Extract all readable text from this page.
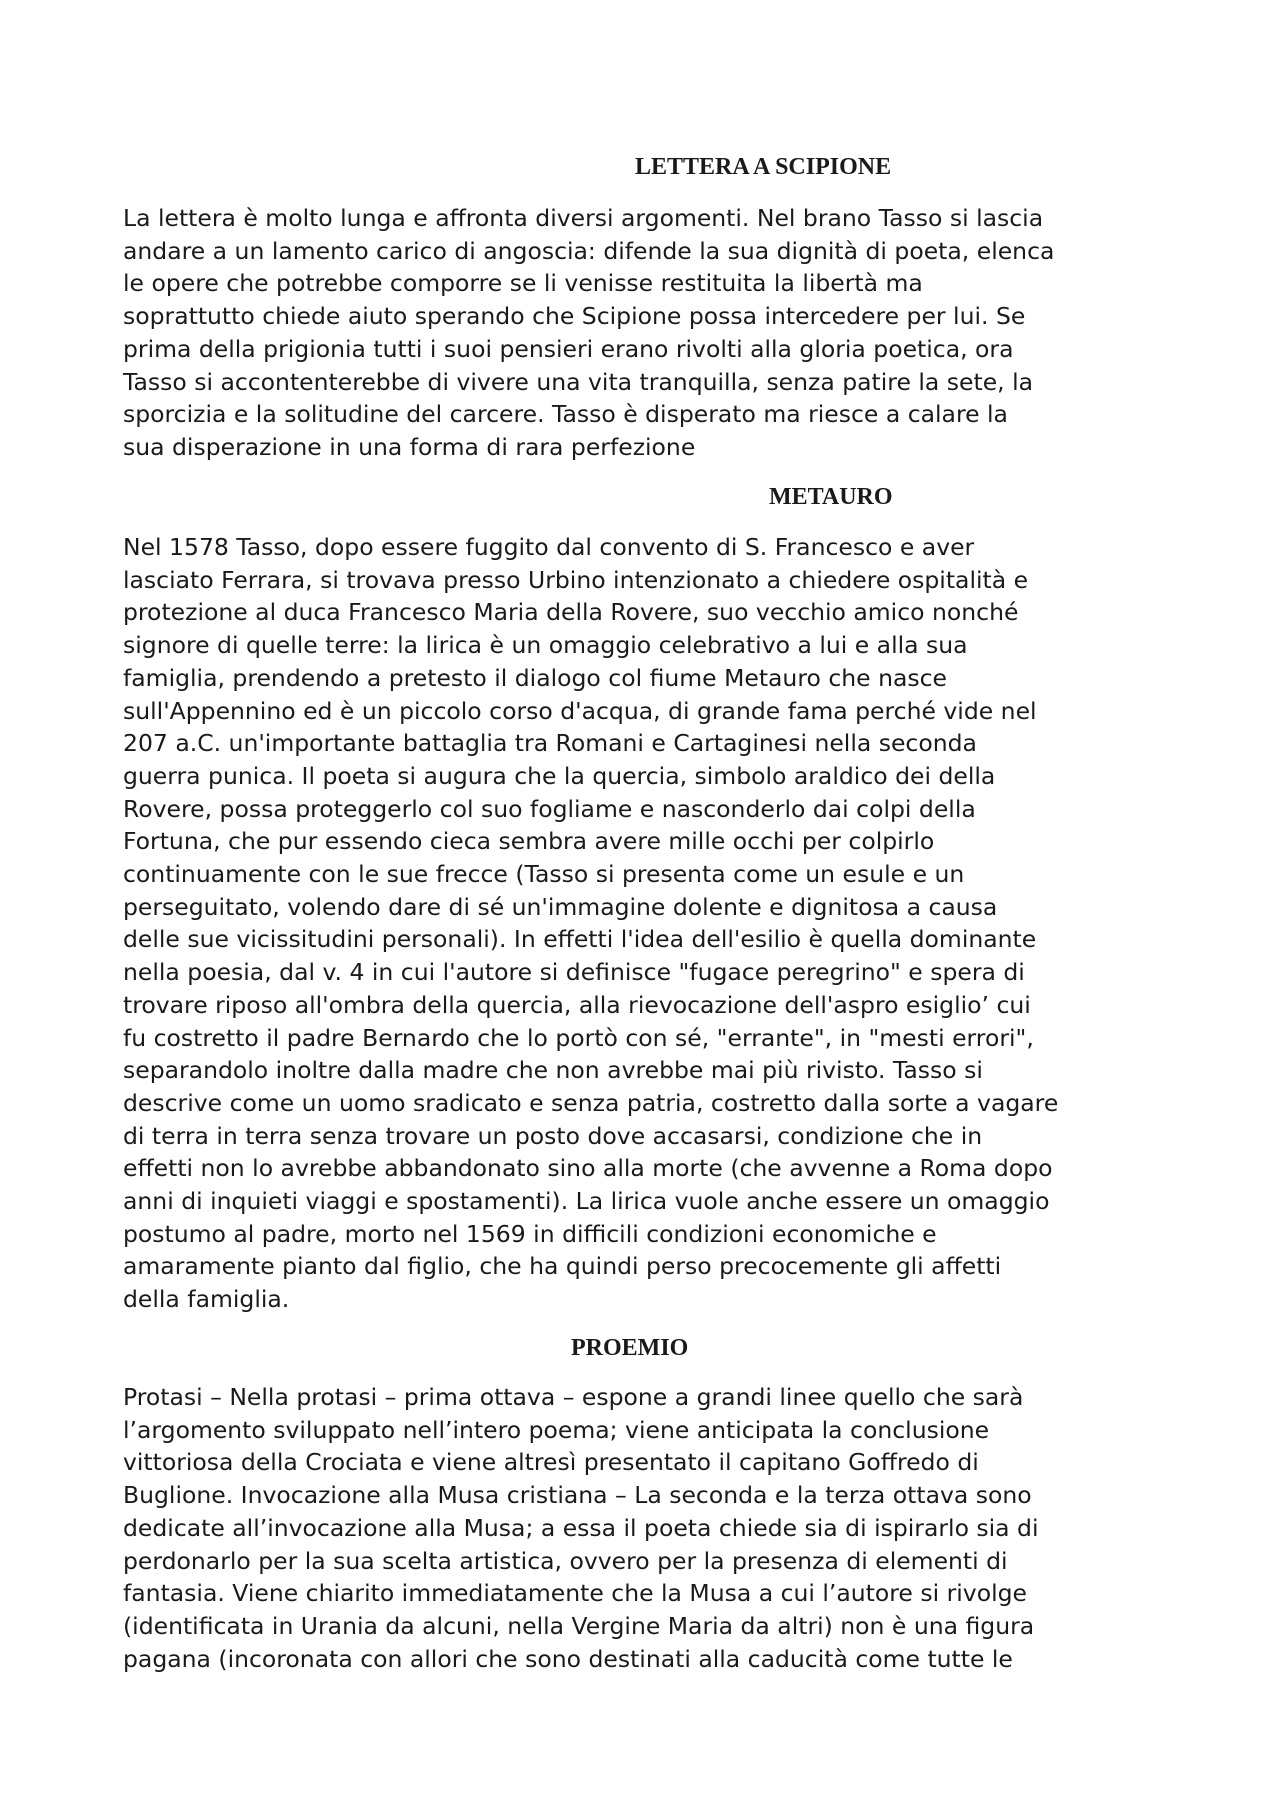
LETTERA A SCIPIONE
La lettera è molto lunga e affronta diversi argomenti. Nel brano Tasso si lascia
andare a un lamento carico di angoscia: difende la sua dignità di poeta, elenca
le opere che potrebbe comporre se li venisse restituita la libertà ma
soprattutto chiede aiuto sperando che Scipione possa intercedere per lui. Se
prima della prigionia tutti i suoi pensieri erano rivolti alla gloria poetica, ora
Tasso si accontenterebbe di vivere una vita tranquilla, senza patire la sete, la
sporcizia e la solitudine del carcere. Tasso è disperato ma riesce a calare la
sua disperazione in una forma di rara perfezione
METAURO
Nel 1578 Tasso, dopo essere fuggito dal convento di S. Francesco e aver
lasciato Ferrara, si trovava presso Urbino intenzionato a chiedere ospitalità e
protezione al duca Francesco Maria della Rovere, suo vecchio amico nonché
signore di quelle terre: la lirica è un omaggio celebrativo a lui e alla sua
famiglia, prendendo a pretesto il dialogo col fiume Metauro che nasce
sull'Appennino ed è un piccolo corso d'acqua, di grande fama perché vide nel
207 a.C. un'importante battaglia tra Romani e Cartaginesi nella seconda
guerra punica. Il poeta si augura che la quercia, simbolo araldico dei della
Rovere, possa proteggerlo col suo fogliame e nasconderlo dai colpi della
Fortuna, che pur essendo cieca sembra avere mille occhi per colpirlo
continuamente con le sue frecce (Tasso si presenta come un esule e un
perseguitato, volendo dare di sé un'immagine dolente e dignitosa a causa
delle sue vicissitudini personali). In effetti l'idea dell'esilio è quella dominante
nella poesia, dal v. 4 in cui l'autore si definisce "fugace peregrino" e spera di
trovare riposo all'ombra della quercia, alla rievocazione dell'aspro esiglio’ cui
fu costretto il padre Bernardo che lo portò con sé, "errante", in "mesti errori",
separandolo inoltre dalla madre che non avrebbe mai più rivisto. Tasso si
descrive come un uomo sradicato e senza patria, costretto dalla sorte a vagare
di terra in terra senza trovare un posto dove accasarsi, condizione che in
effetti non lo avrebbe abbandonato sino alla morte (che avvenne a Roma dopo
anni di inquieti viaggi e spostamenti). La lirica vuole anche essere un omaggio
postumo al padre, morto nel 1569 in difficili condizioni economiche e
amaramente pianto dal figlio, che ha quindi perso precocemente gli affetti
della famiglia.
PROEMIO
Protasi – Nella protasi – prima ottava – espone a grandi linee quello che sarà
l’argomento sviluppato nell’intero poema; viene anticipata la conclusione
vittoriosa della Crociata e viene altresì presentato il capitano Goffredo di
Buglione. Invocazione alla Musa cristiana – La seconda e la terza ottava sono
dedicate all’invocazione alla Musa; a essa il poeta chiede sia di ispirarlo sia di
perdonarlo per la sua scelta artistica, ovvero per la presenza di elementi di
fantasia. Viene chiarito immediatamente che la Musa a cui l’autore si rivolge
(identificata in Urania da alcuni, nella Vergine Maria da altri) non è una figura
pagana (incoronata con allori che sono destinati alla caducità come tutte le
